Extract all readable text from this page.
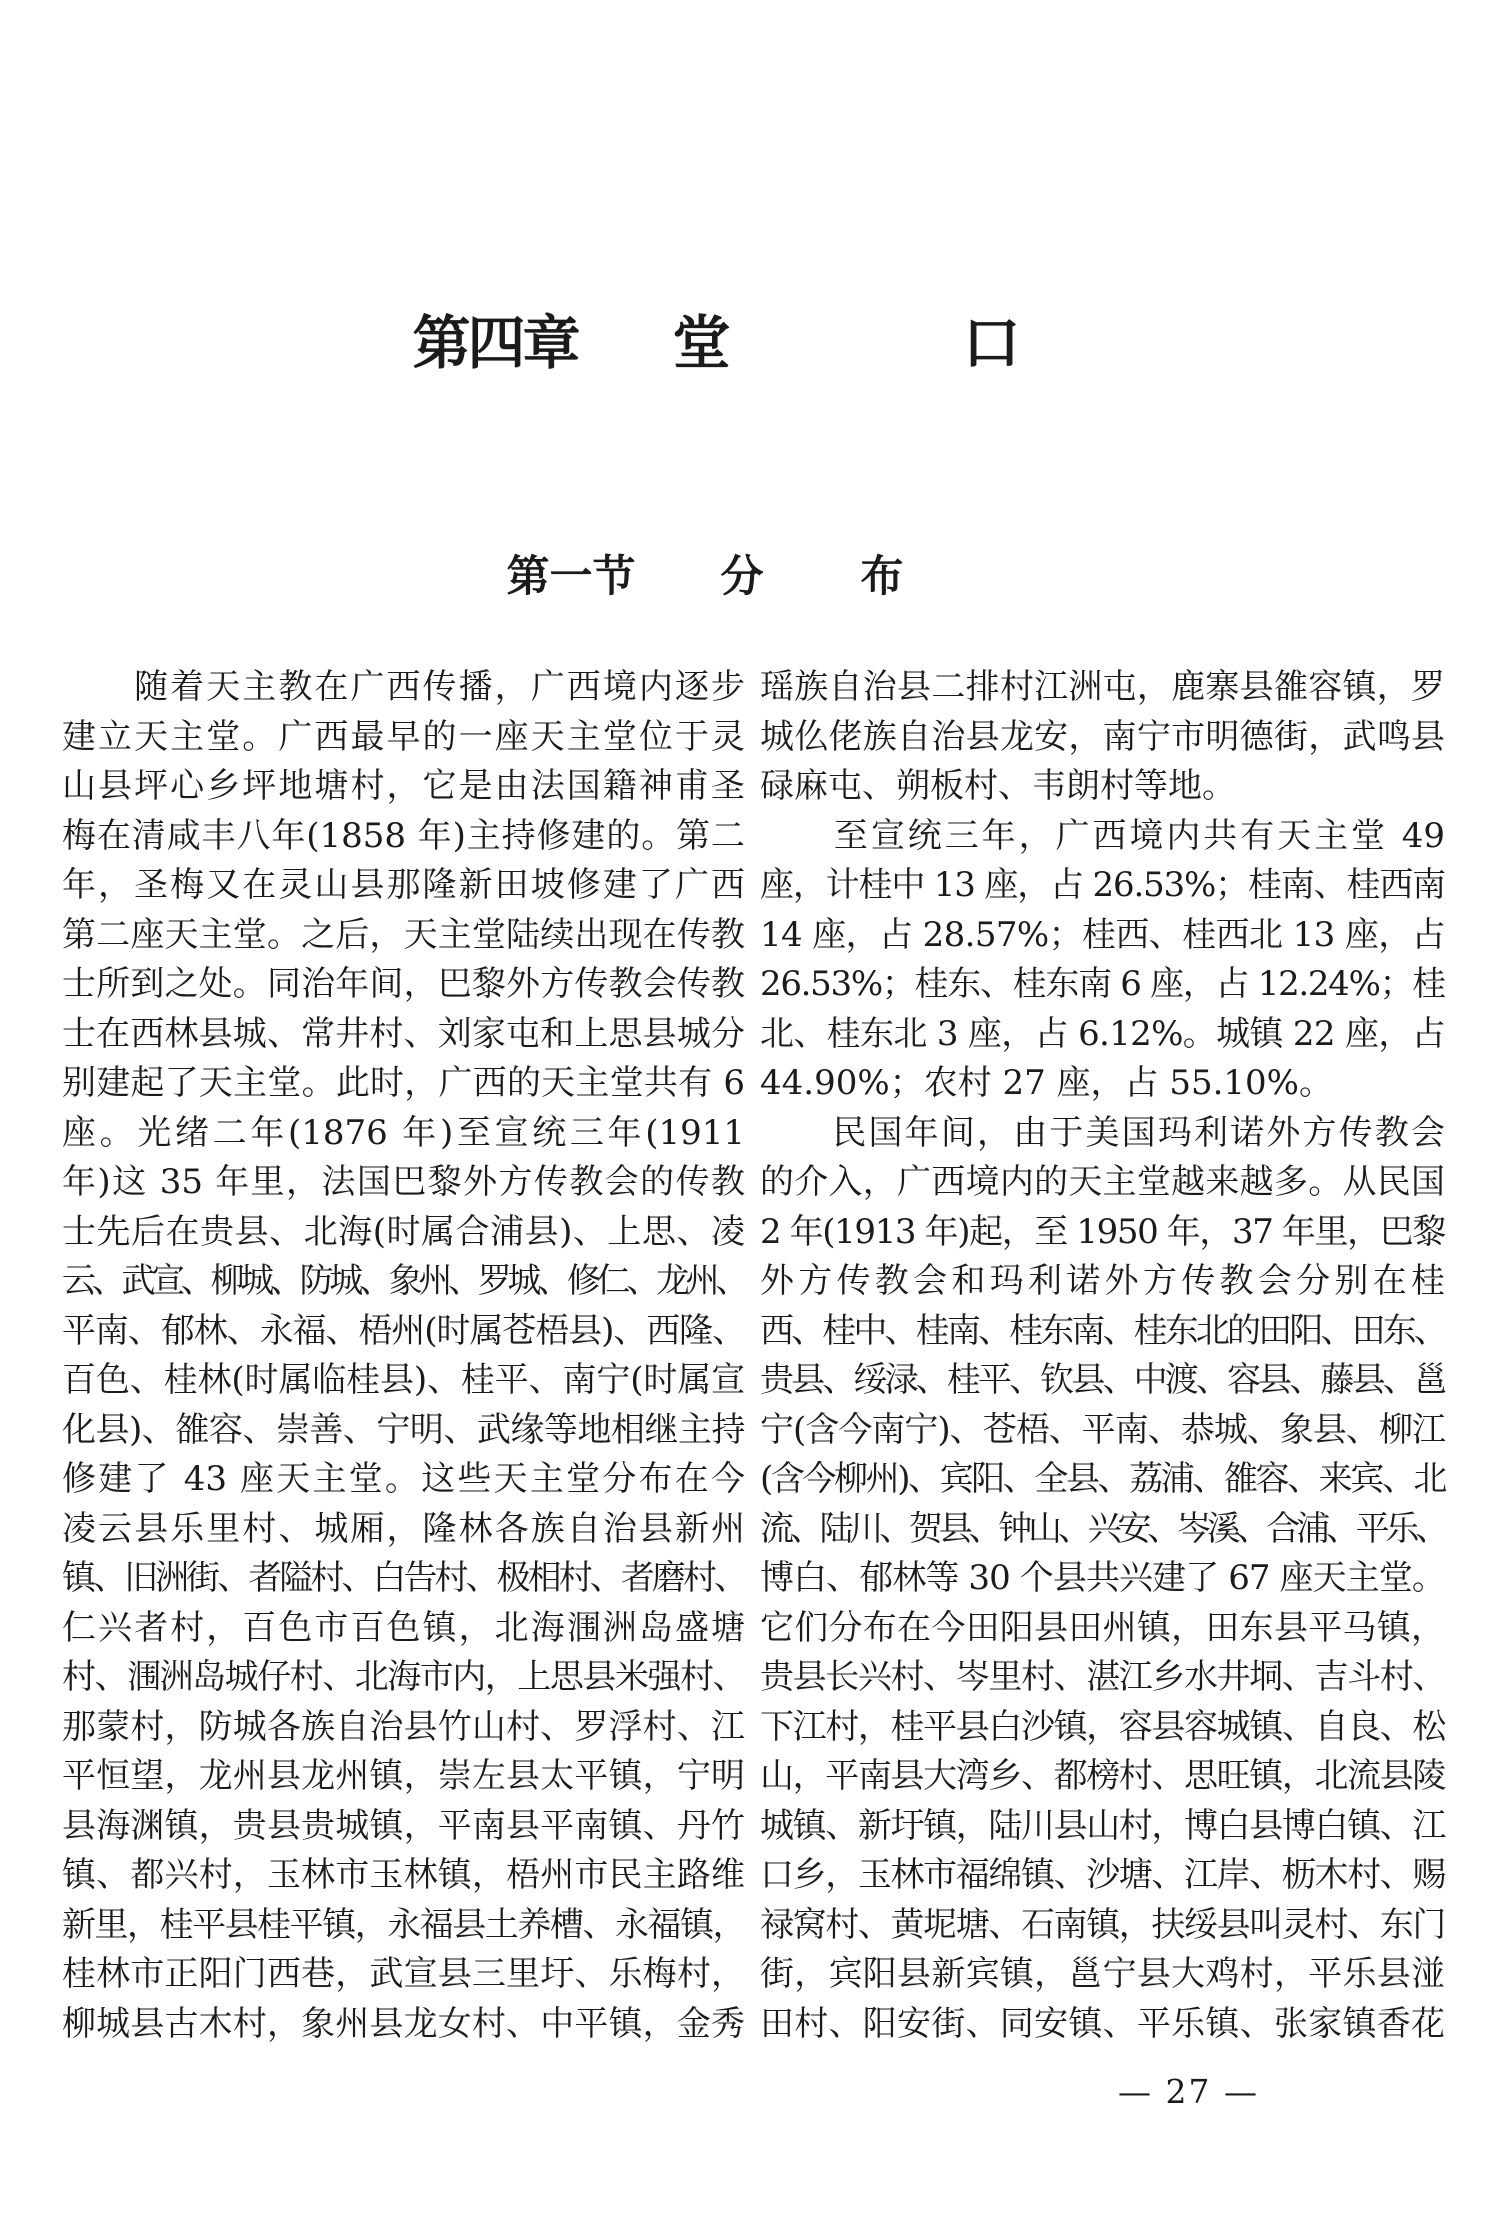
第四章 堂	口
第一节 分 布
　　随着天主教在广西传播，广西境内逐步
建立天主堂。广西最早的一座天主堂位于灵
山县坪心乡坪地塘村，它是由法国籍神甫圣
梅在清咸丰八年(1858 年)主持修建的。第二
年，圣梅又在灵山县那隆新田坡修建了广西
第二座天主堂。之后，天主堂陆续出现在传教
士所到之处。同治年间，巴黎外方传教会传教
士在西林县城、常井村、刘家屯和上思县城分
别建起了天主堂。此时，广西的天主堂共有 6
座。光绪二年(1876 年)至宣统三年(1911
年)这 35 年里，法国巴黎外方传教会的传教
士先后在贵县、北海(时属合浦县)、上思、凌
云、武宣、柳城、防城、象州、罗城、修仁、龙州、
平南、郁林、永福、梧州(时属苍梧县)、西隆、
百色、桂林(时属临桂县)、桂平、南宁(时属宣
化县)、雒容、崇善、宁明、武缘等地相继主持
修建了 43 座天主堂。这些天主堂分布在今
凌云县乐里村、城厢，隆林各族自治县新州
镇、旧洲街、者隘村、白告村、极相村、者磨村、
仁兴者村，百色市百色镇，北海涠洲岛盛塘
村、涠洲岛城仔村、北海市内，上思县米强村、
那蒙村，防城各族自治县竹山村、罗浮村、江
平恒望，龙州县龙州镇，崇左县太平镇，宁明
县海渊镇，贵县贵城镇，平南县平南镇、丹竹
镇、都兴村，玉林市玉林镇，梧州市民主路维
新里，桂平县桂平镇，永福县土养槽、永福镇，
桂林市正阳门西巷，武宣县三里圩、乐梅村，
柳城县古木村，象州县龙女村、中平镇，金秀
瑶族自治县二排村江洲屯，鹿寨县雒容镇，罗
城仫佬族自治县龙安，南宁市明德街，武鸣县
碌麻屯、朔板村、韦朗村等地。
　　至宣统三年，广西境内共有天主堂 49
座，计桂中 13 座，占 26.53%；桂南、桂西南
14 座，占 28.57%；桂西、桂西北 13 座，占
26.53%；桂东、桂东南 6 座，占 12.24%；桂
北、桂东北 3 座，占 6.12%。城镇 22 座，占
44.90%；农村 27 座，占 55.10%。
　　民国年间，由于美国玛利诺外方传教会
的介入，广西境内的天主堂越来越多。从民国
2 年(1913 年)起，至 1950 年，37 年里，巴黎
外方传教会和玛利诺外方传教会分别在桂
西、桂中、桂南、桂东南、桂东北的田阳、田东、
贵县、绥渌、桂平、钦县、中渡、容县、藤县、邕
宁(含今南宁)、苍梧、平南、恭城、象县、柳江
(含今柳州)、宾阳、全县、荔浦、雒容、来宾、北
流、陆川、贺县、钟山、兴安、岑溪、合浦、平乐、
博白、郁林等 30 个县共兴建了 67 座天主堂。
它们分布在今田阳县田州镇，田东县平马镇，
贵县长兴村、岑里村、湛江乡水井垌、吉斗村、
下江村，桂平县白沙镇，容县容城镇、自良、松
山，平南县大湾乡、都榜村、思旺镇，北流县陵
城镇、新圩镇，陆川县山村，博白县博白镇、江
口乡，玉林市福绵镇、沙塘、江岸、枥木村、赐
禄窝村、黄坭塘、石南镇，扶绥县叫灵村、东门
街，宾阳县新宾镇，邕宁县大鸡村，平乐县湴
田村、阳安街、同安镇、平乐镇、张家镇香花
— 27 —
